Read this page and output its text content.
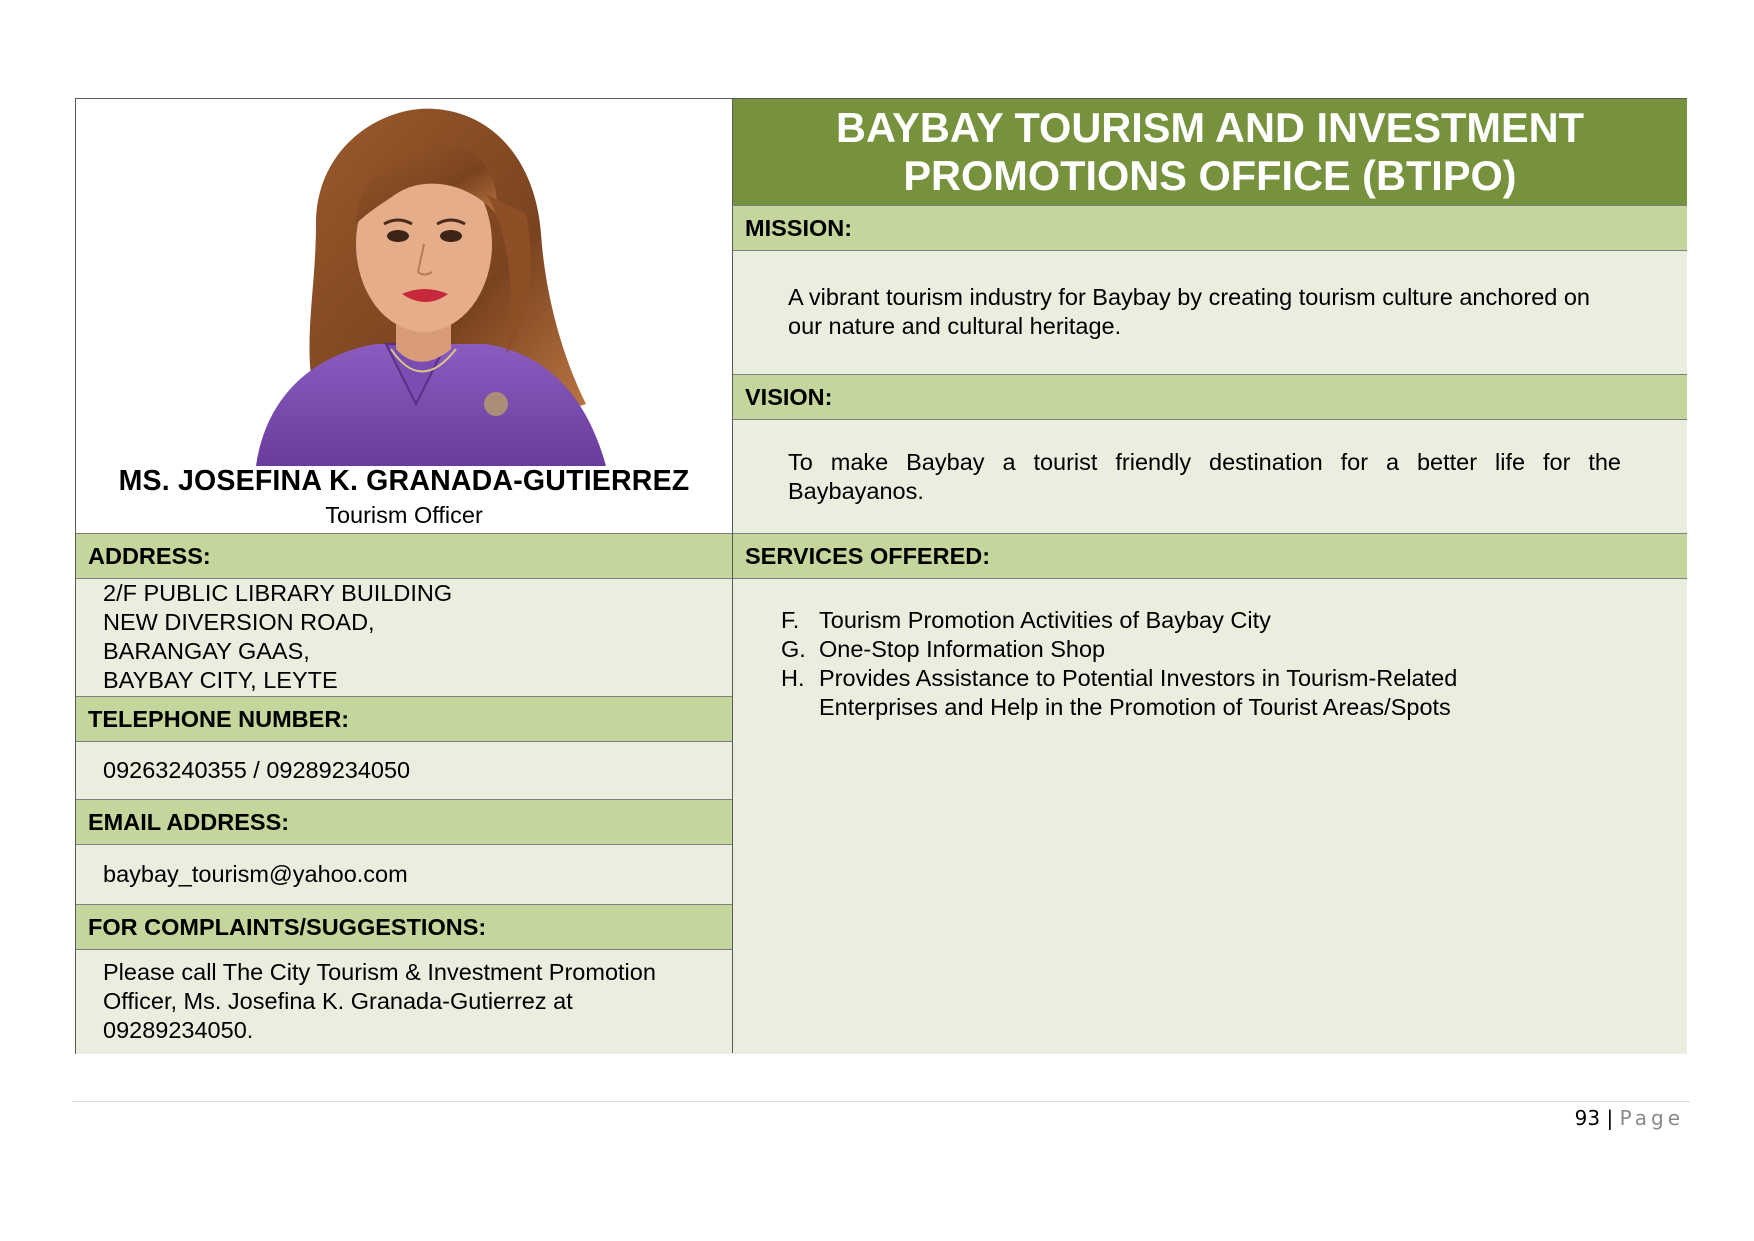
MS. JOSEFINA K. GRANADA-GUTIERREZ
Tourism Officer
BAYBAY TOURISM AND INVESTMENT
PROMOTIONS OFFICE (BTIPO)
MISSION:
A vibrant tourism industry for Baybay by creating tourism culture anchored on our nature and cultural heritage.
VISION:
To make Baybay a tourist friendly destination for a better life for the Baybayanos.
ADDRESS:
2/F PUBLIC LIBRARY BUILDING
NEW DIVERSION ROAD,
BARANGAY GAAS,
BAYBAY CITY, LEYTE
TELEPHONE NUMBER:
09263240355 / 09289234050
EMAIL ADDRESS:
baybay_tourism@yahoo.com
FOR COMPLAINTS/SUGGESTIONS:
Please call The City Tourism & Investment Promotion Officer, Ms. Josefina K. Granada-Gutierrez at 09289234050.
SERVICES OFFERED:
F. Tourism Promotion Activities of Baybay City
G. One-Stop Information Shop
H. Provides Assistance to Potential Investors in Tourism-Related Enterprises and Help in the Promotion of Tourist Areas/Spots
93 | Page
